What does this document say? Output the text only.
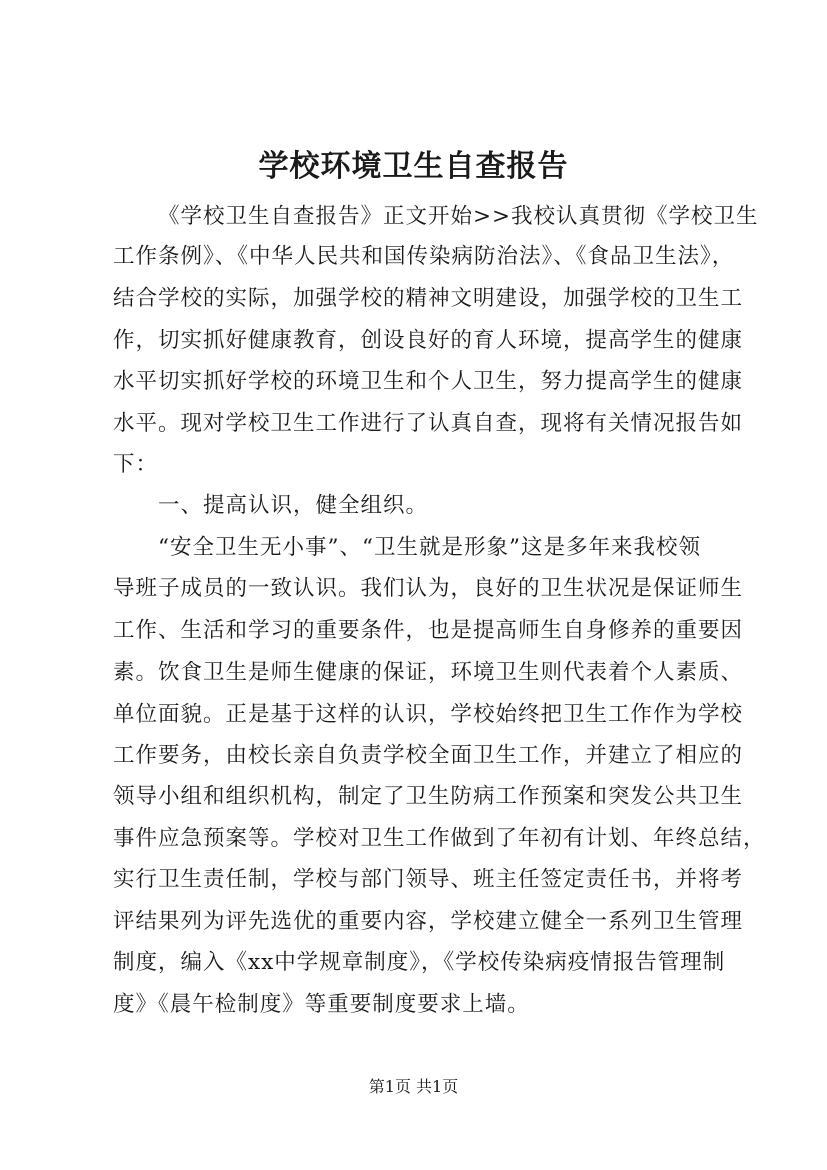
学校环境卫生自查报告
《学校卫生自查报告》正文开始>>我校认真贯彻《学校卫生
工作条例》、《中华人民共和国传染病防治法》、《食品卫生法》，
结合学校的实际，加强学校的精神文明建设，加强学校的卫生工
作，切实抓好健康教育，创设良好的育人环境，提高学生的健康
水平切实抓好学校的环境卫生和个人卫生，努力提高学生的健康
水平。现对学校卫生工作进行了认真自查，现将有关情况报告如
下：
一、提高认识，健全组织。
“安全卫生无小事”、“卫生就是形象”这是多年来我校领
导班子成员的一致认识。我们认为，良好的卫生状况是保证师生
工作、生活和学习的重要条件，也是提高师生自身修养的重要因
素。饮食卫生是师生健康的保证，环境卫生则代表着个人素质、
单位面貌。正是基于这样的认识，学校始终把卫生工作作为学校
工作要务，由校长亲自负责学校全面卫生工作，并建立了相应的
领导小组和组织机构，制定了卫生防病工作预案和突发公共卫生
事件应急预案等。学校对卫生工作做到了年初有计划、年终总结，
实行卫生责任制，学校与部门领导、班主任签定责任书，并将考
评结果列为评先选优的重要内容，学校建立健全一系列卫生管理
制度，编入《xx中学规章制度》，《学校传染病疫情报告管理制
度》《晨午检制度》等重要制度要求上墙。
第1页 共1页
